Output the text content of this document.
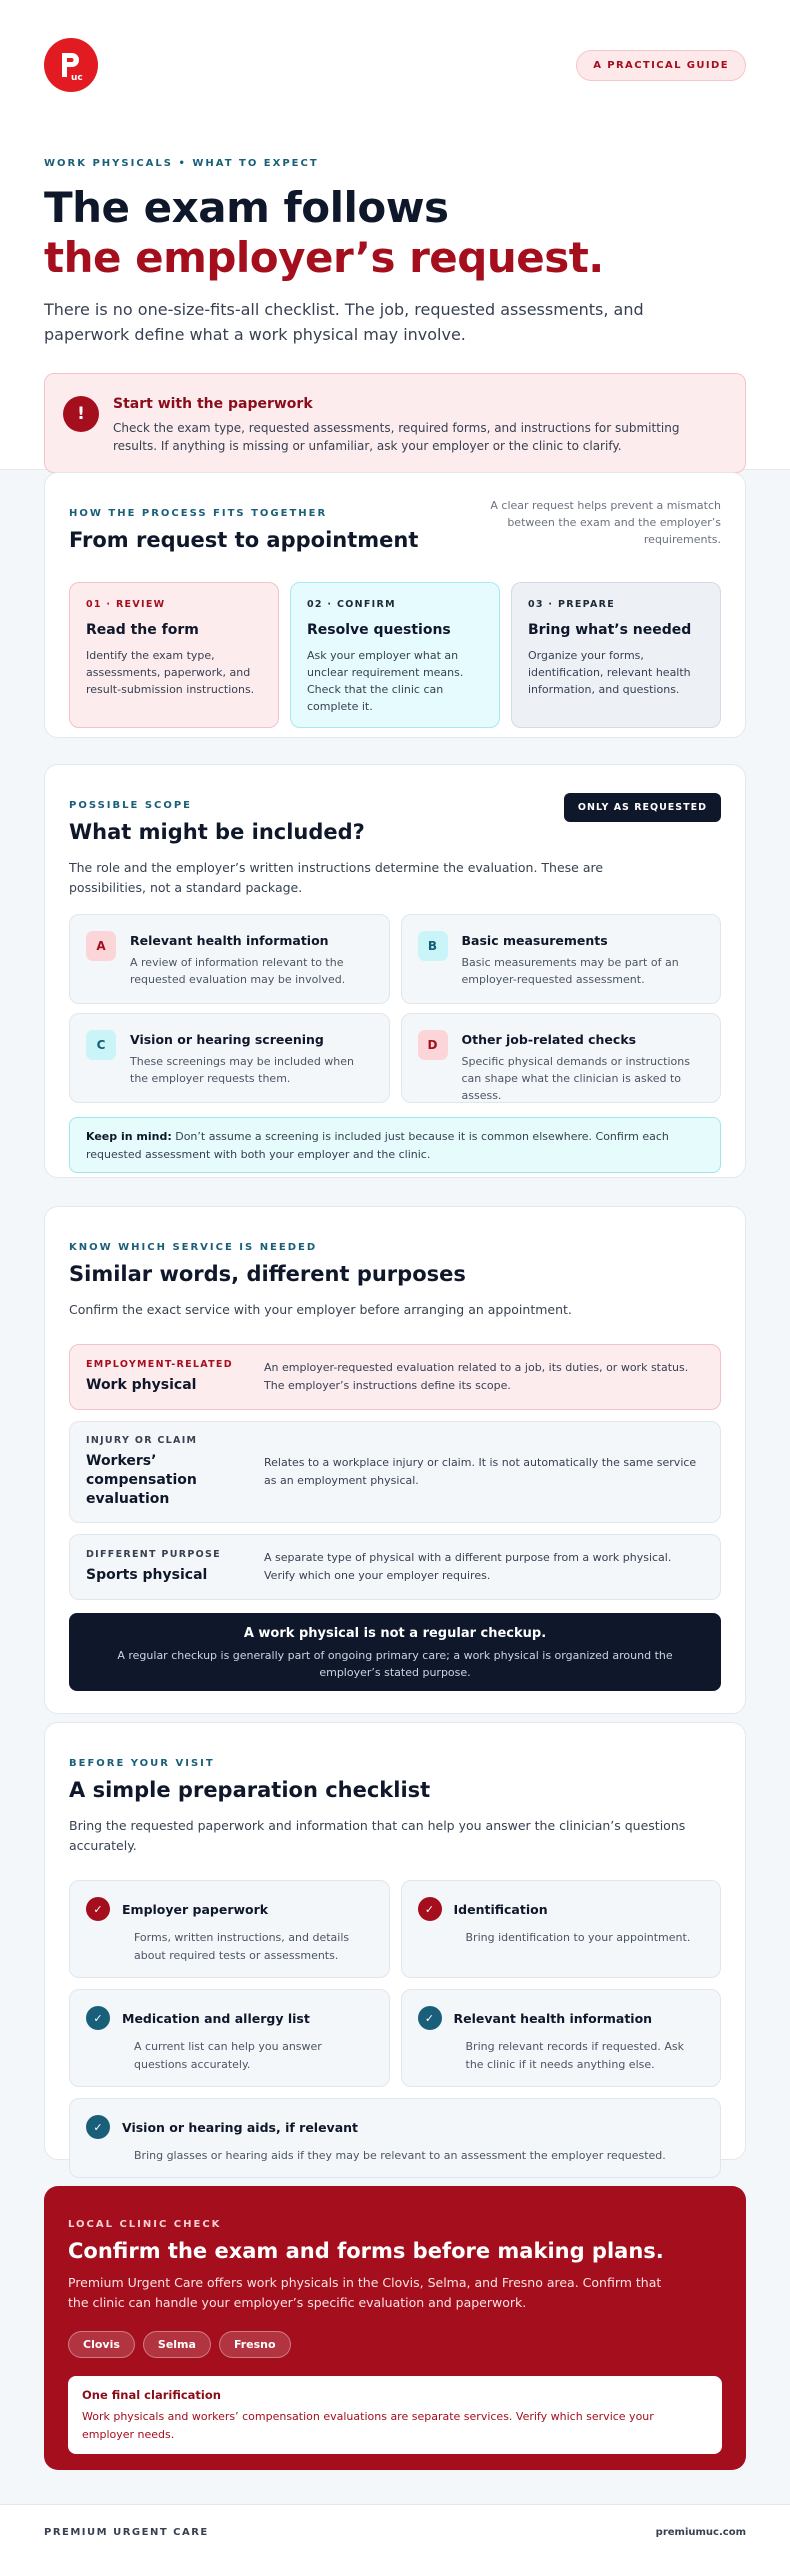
uc
A PRACTICAL GUIDE
WORK PHYSICALS • WHAT TO EXPECT
The exam follows
the employer’s request.

There is no one-size-fits-all checklist. The job, requested assessments, and paperwork define what a work physical may involve.

!	Start with the paperwork

Check the exam type, requested assessments, required forms, and instructions for submitting results. If anything is missing or unfamiliar, ask your employer or the clinic to clarify.

HOW THE PROCESS FITS TOGETHER
From request to appointment

A clear request helps prevent a mismatch between the exam and the employer’s requirements.

01 · REVIEW
Read the form

Identify the exam type, assessments, paperwork, and result-submission instructions.

02 · CONFIRM
Resolve questions

Ask your employer what an unclear requirement means. Check that the clinic can complete it.

03 · PREPARE
Bring what’s needed

Organize your forms, identification, relevant health information, and questions.

POSSIBLE SCOPE
What might be included?
ONLY AS REQUESTED

The role and the employer’s written instructions determine the evaluation. These are possibilities, not a standard package.

A	Relevant health information

A review of information relevant to the requested evaluation may be involved.

B	Basic measurements

Basic measurements may be part of an employer-requested assessment.

C	Vision or hearing screening

These screenings may be included when the employer requests them.

D	Other job-related checks

Specific physical demands or instructions can shape what the clinician is asked to assess.

Keep in mind: Don’t assume a screening is included just because it is common elsewhere. Confirm each requested assessment with both your employer and the clinic.
KNOW WHICH SERVICE IS NEEDED
Similar words, different purposes

Confirm the exact service with your employer before arranging an appointment.

EMPLOYMENT-RELATED
Work physical
An employer-requested evaluation related to a job, its duties, or work status. The employer’s instructions define its scope.
INJURY OR CLAIM
Workers’ compensation evaluation
Relates to a workplace injury or claim. It is not automatically the same service as an employment physical.
DIFFERENT PURPOSE
Sports physical
A separate type of physical with a different purpose from a work physical. Verify which one your employer requires.
A work physical is not a regular checkup.

A regular checkup is generally part of ongoing primary care; a work physical is organized around the employer’s stated purpose.

BEFORE YOUR VISIT
A simple preparation checklist

Bring the requested paperwork and information that can help you answer the clinician’s questions accurately.

✓	Employer paperwork

Forms, written instructions, and details about required tests or assessments.

✓	Identification

Bring identification to your appointment.

✓	Medication and allergy list

A current list can help you answer questions accurately.

✓	Relevant health information

Bring relevant records if requested. Ask the clinic if it needs anything else.

✓	Vision or hearing aids, if relevant

Bring glasses or hearing aids if they may be relevant to an assessment the employer requested.

LOCAL CLINIC CHECK
Confirm the exam and forms before making plans.

Premium Urgent Care offers work physicals in the Clovis, Selma, and Fresno area. Confirm that the clinic can handle your employer’s specific evaluation and paperwork.

Clovis	Selma	Fresno
One final clarification

Work physicals and workers’ compensation evaluations are separate services. Verify which service your employer needs.

PREMIUM URGENT CARE	premiumuc.com
